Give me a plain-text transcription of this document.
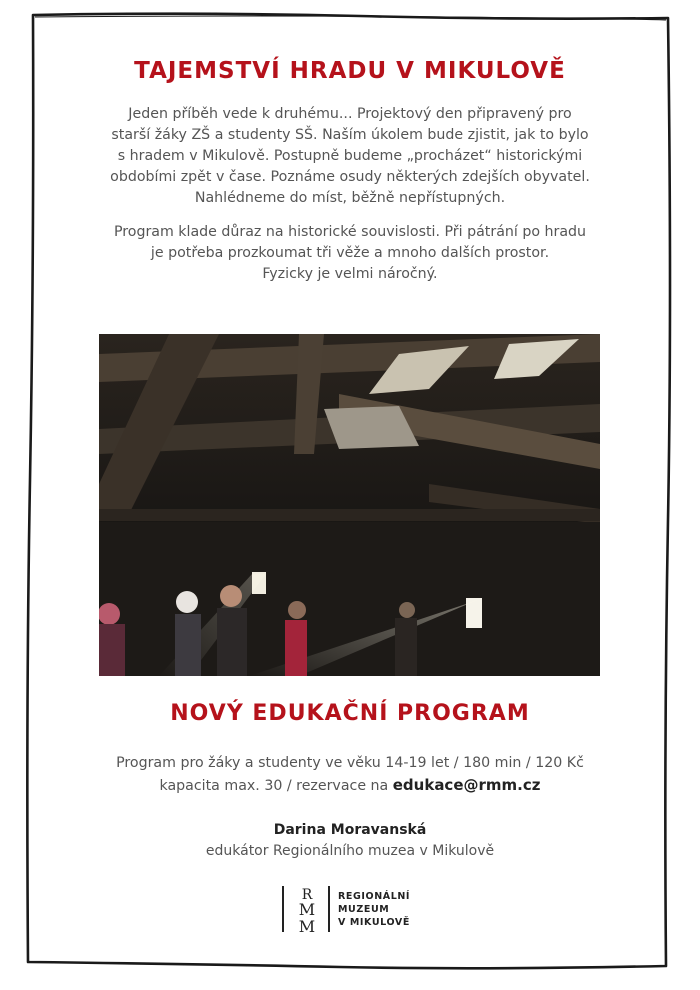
TAJEMSTVÍ HRADU V MIKULOVĚ
Jeden příběh vede k druhému... Projektový den připravený pro
starší žáky ZŠ a studenty SŠ. Naším úkolem bude zjistit, jak to bylo
s hradem v Mikulově. Postupně budeme „procházet“ historickými
obdobími zpět v čase. Poznáme osudy některých zdejších obyvatel.
Nahlédneme do míst, běžně nepřístupných.
Program klade důraz na historické souvislosti. Při pátrání po hradu
je potřeba prozkoumat tři věže a mnoho dalších prostor.
Fyzicky je velmi náročný.
NOVÝ EDUKAČNÍ PROGRAM
Program pro žáky a studenty ve věku 14-19 let / 180 min / 120 Kč
kapacita max. 30 / rezervace na edukace@rmm.cz
Darina Moravanská
edukátor Regionálního muzea v Mikulově
R
M
M
REGIONÁLNÍ
MUZEUM
V MIKULOVĚ
